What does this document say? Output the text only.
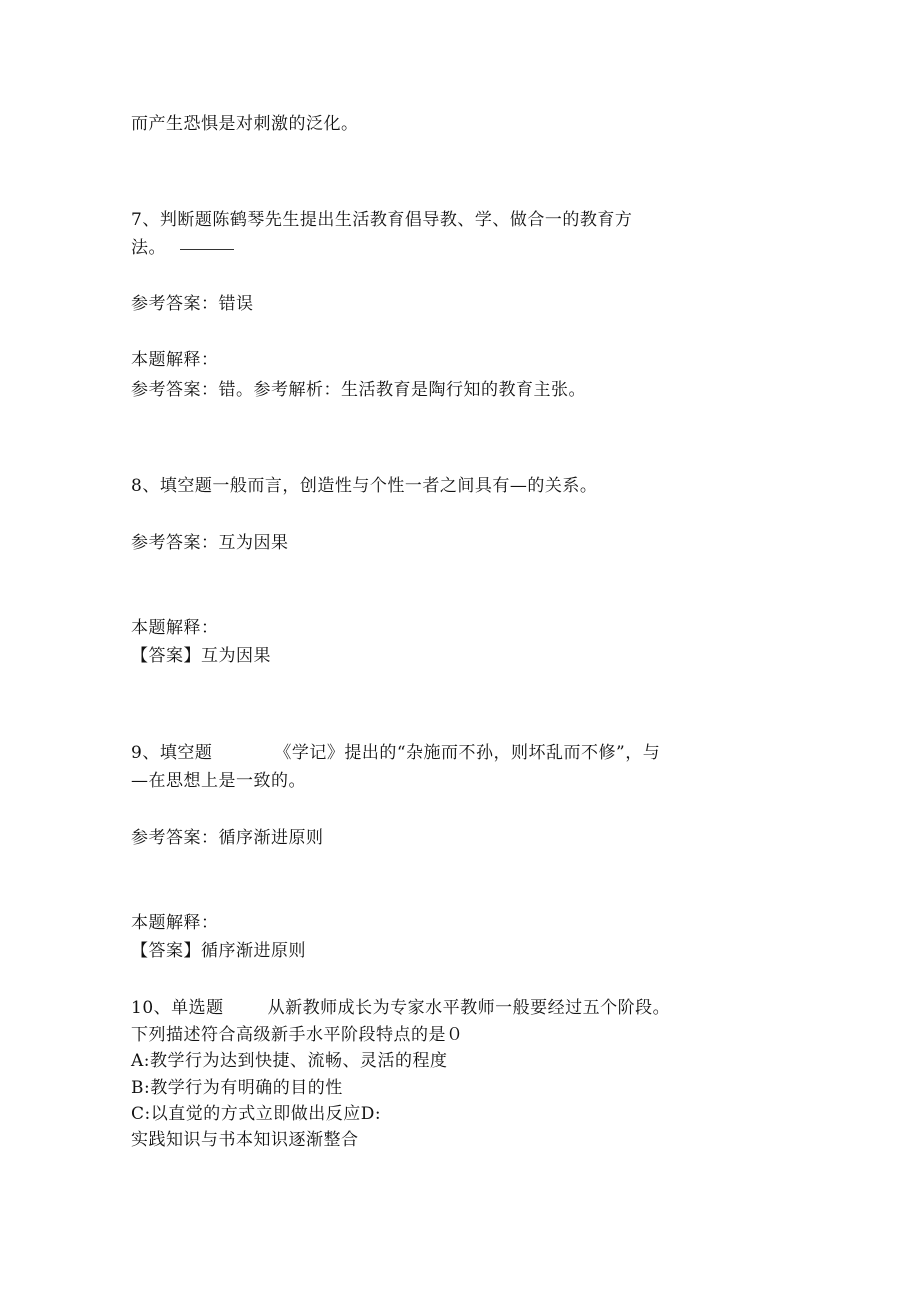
而产生恐惧是对刺激的泛化。
7、判断题陈鹤琴先生提出生活教育倡导教、学、做合一的教育方
法。
参考答案：错误
本题解释：
参考答案：错。参考解析：生活教育是陶行知的教育主张。
8、填空题一般而言，创造性与个性一者之间具有—的关系。
参考答案：互为因果
本题解释：
【答案】互为因果
9、填空题	《学记》提出的“杂施而不孙，则坏乱而不修”，与
—在思想上是一致的。
参考答案：循序渐进原则
本题解释：
【答案】循序渐进原则
10、单选题	从新教师成长为专家水平教师一般要经过五个阶段。
下列描述符合高级新手水平阶段特点的是０
A:教学行为达到快捷、流畅、灵活的程度
B:教学行为有明确的目的性
C:以直觉的方式立即做出反应D:
实践知识与书本知识逐渐整合
